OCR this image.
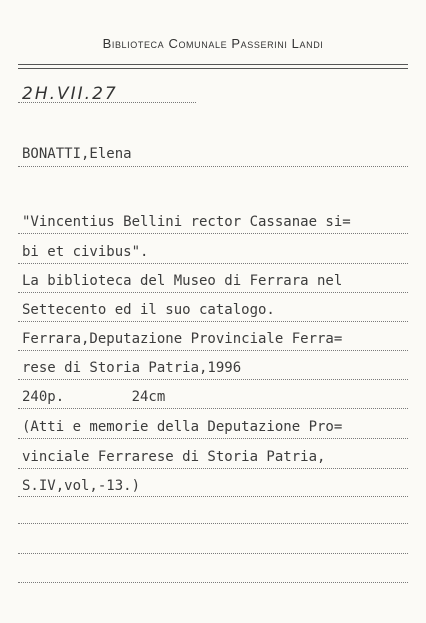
Biblioteca Comunale Passerini Landi
2H.VII.27
BONATTI,Elena
"Vincentius Bellini rector Cassanae si=
bi et civibus".
La biblioteca del Museo di Ferrara nel
Settecento ed il suo catalogo.
Ferrara,Deputazione Provinciale Ferra=
rese di Storia Patria,1996
240p.        24cm
(Atti e memorie della Deputazione Pro=
vinciale Ferrarese di Storia Patria,
S.IV,vol,-13.)
